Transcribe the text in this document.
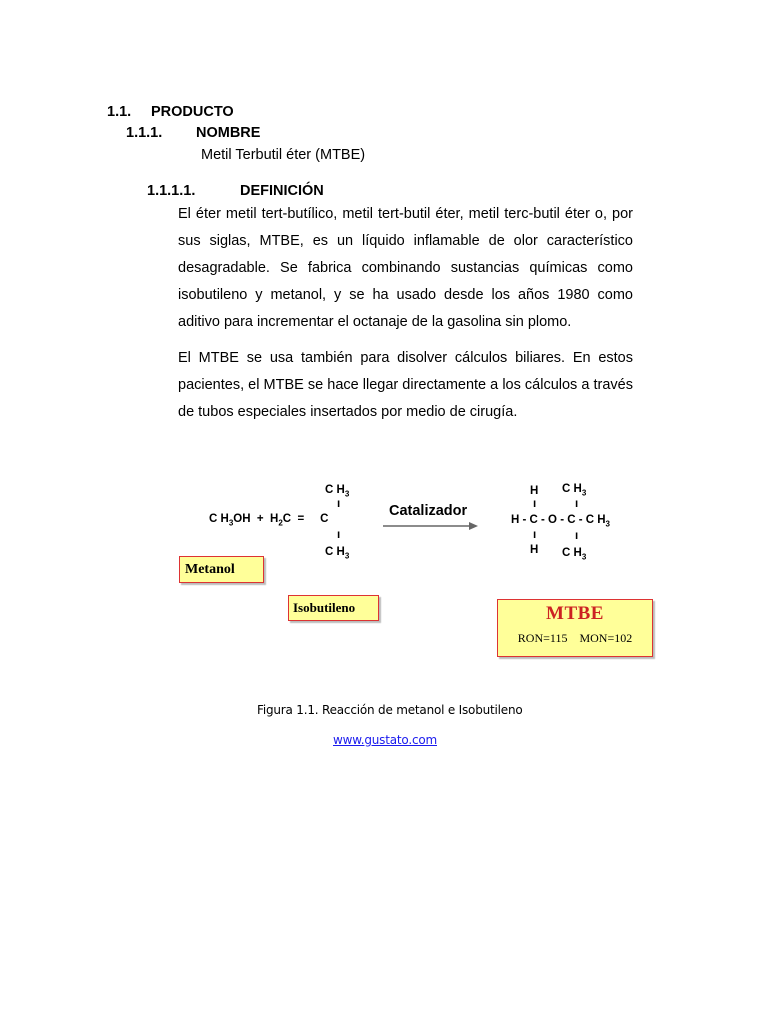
1.1. PRODUCTO
1.1.1. NOMBRE
Metil Terbutil éter (MTBE)
1.1.1.1.	DEFINICIÓN
El éter metil tert-butílico, metil tert-butil éter, metil terc-butil éter o, por sus siglas, MTBE, es un líquido inflamable de olor característico desagradable. Se fabrica combinando sustancias químicas como isobutileno y metanol, y se ha usado desde los años 1980 como aditivo para incrementar el octanaje de la gasolina sin plomo.
El MTBE se usa también para disolver cálculos biliares. En estos pacientes, el MTBE se hace llegar directamente a los cálculos a través de tubos especiales insertados por medio de cirugía.
C $H_3$
ı
C $H_3OH + H_2C$  =     C
ı
C $H_3$
Catalizador
H C $H_3$
ı	ı
H - C - O - C - C $H_3$
ı	ı
H C $H_3$
Metanol
Isobutileno	MTBE
RON=115    MON=102
Figura 1.1. Reacción de metanol e Isobutileno
www.gustato.com
